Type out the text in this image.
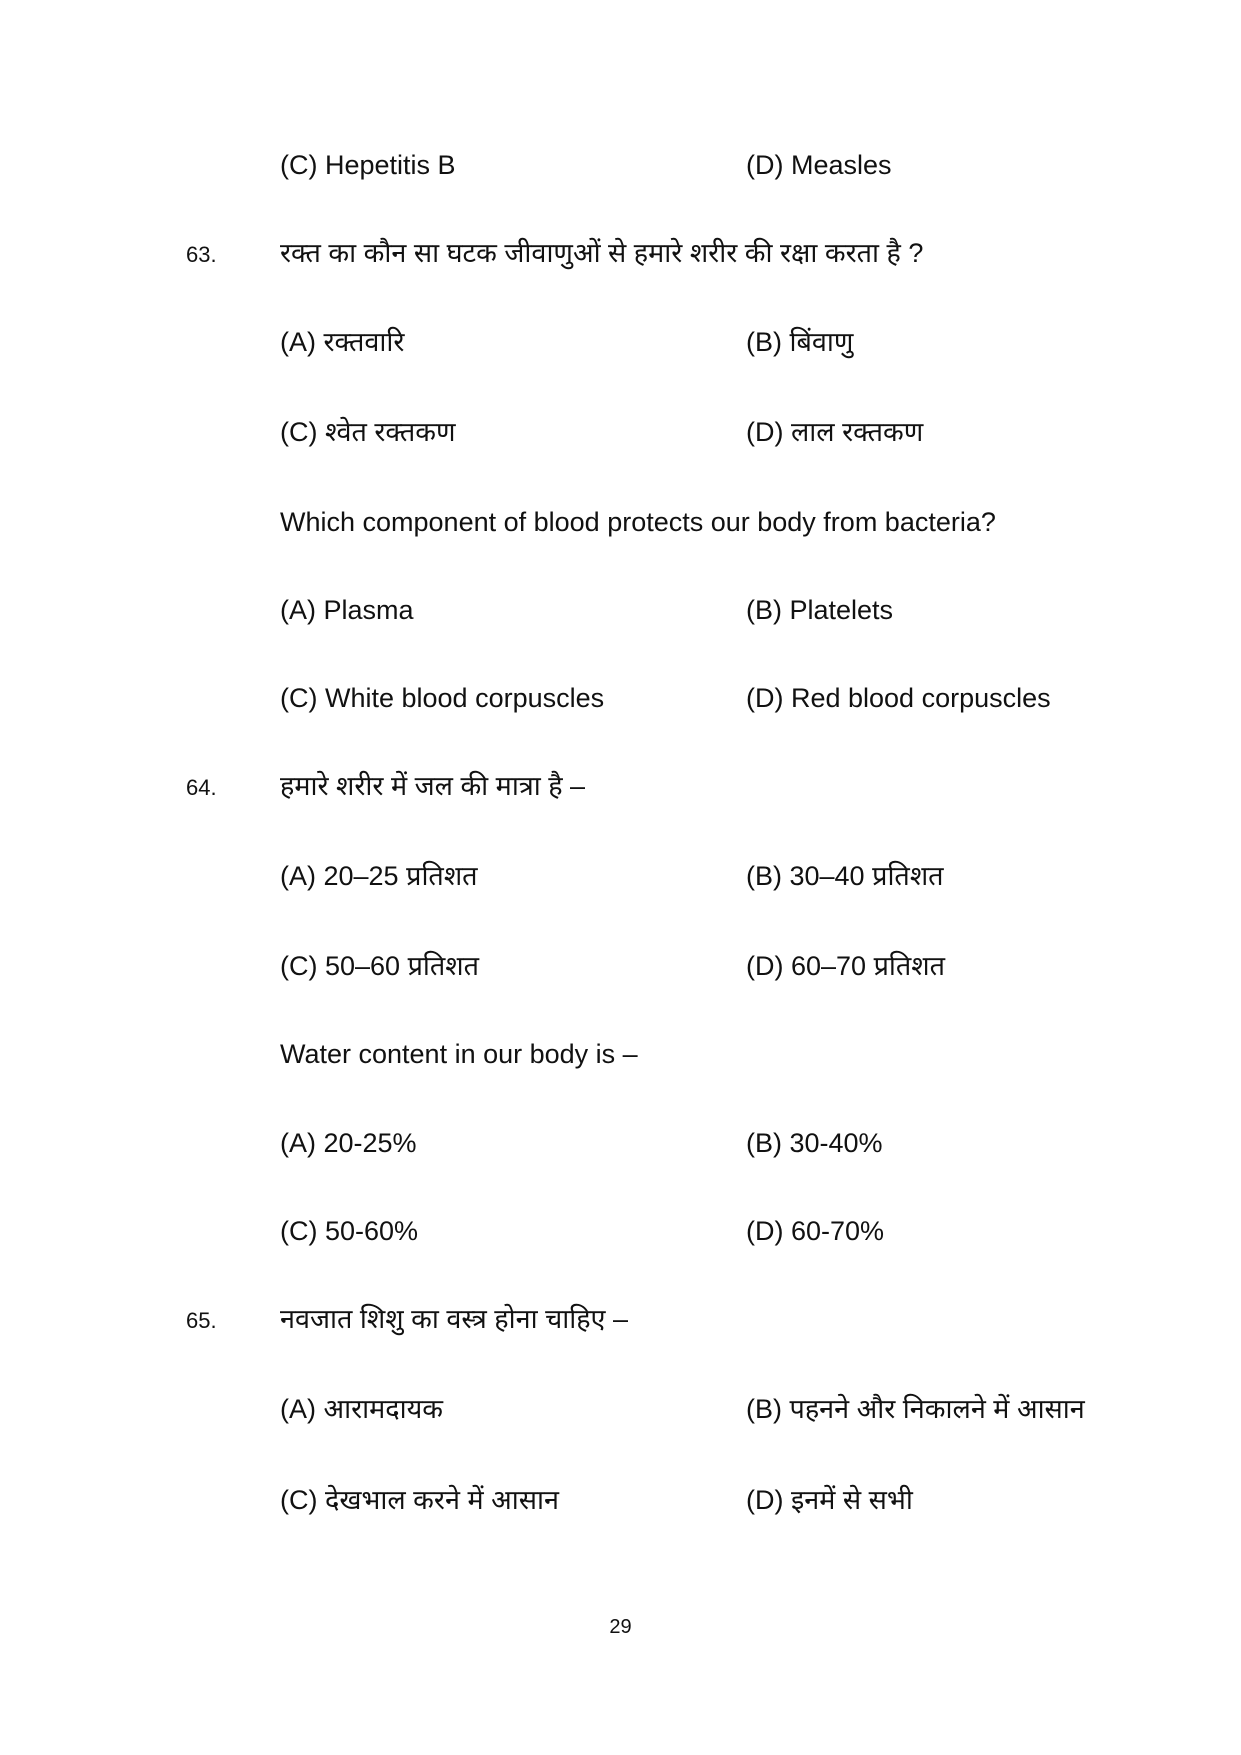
(C) Hepetitis B	(D) Measles
63. रक्त का कौन सा घटक जीवाणुओं से हमारे शरीर की रक्षा करता है ?
(A) रक्तवारि	(B) बिंवाणु
(C) श्वेत रक्तकण	(D) लाल रक्तकण
Which component of blood protects our body from bacteria?
(A) Plasma	(B) Platelets
(C) White blood corpuscles	(D) Red blood corpuscles
64. हमारे शरीर में जल की मात्रा है –
(A) 20–25 प्रतिशत	(B) 30–40 प्रतिशत
(C) 50–60 प्रतिशत	(D) 60–70 प्रतिशत
Water content in our body is –
(A) 20-25%	(B) 30-40%
(C) 50-60%	(D) 60-70%
65. नवजात शिशु का वस्त्र होना चाहिए –
(A) आरामदायक	(B) पहनने और निकालने में आसान
(C) देखभाल करने में आसान	(D) इनमें से सभी
29
